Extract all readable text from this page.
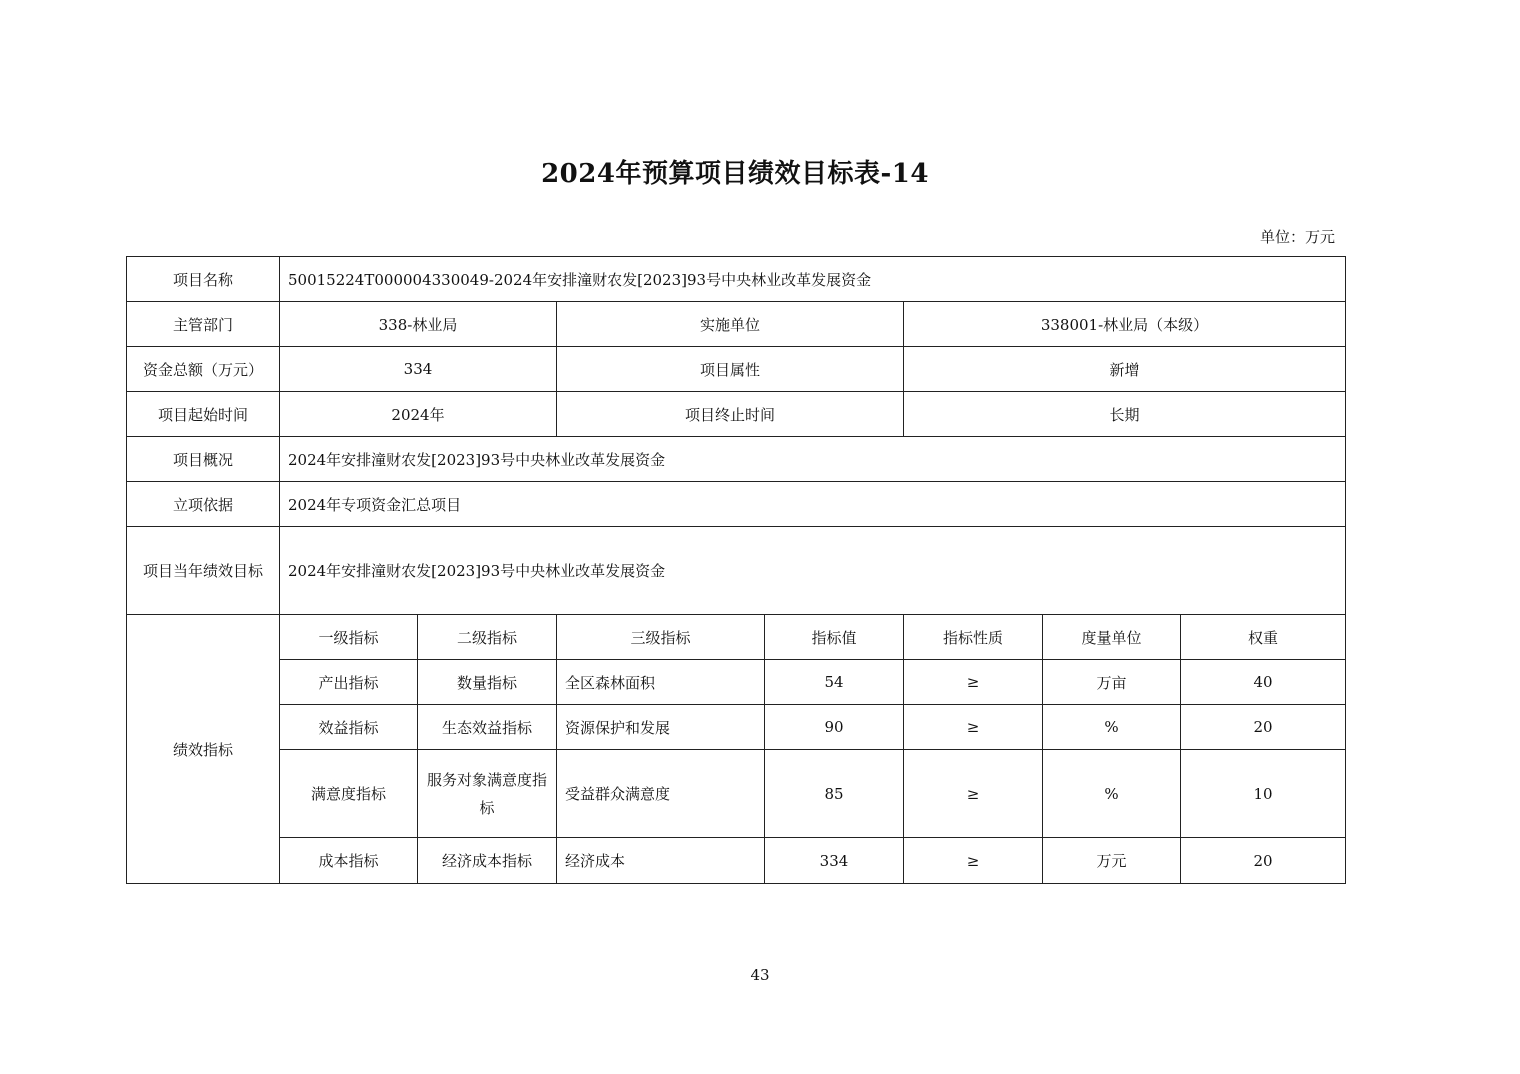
2024年预算项目绩效目标表-14
单位：万元
项目名称	50015224T000004330049-2024年安排潼财农发[2023]93号中央林业改革发展资金						
主管部门	338-林业局		实施单位		338001-林业局（本级）		
资金总额（万元）	334		项目属性		新增		
项目起始时间	2024年		项目终止时间		长期		
项目概况	2024年安排潼财农发[2023]93号中央林业改革发展资金						
立项依据	2024年专项资金汇总项目						
项目当年绩效目标	2024年安排潼财农发[2023]93号中央林业改革发展资金						
绩效指标	一级指标	二级指标	三级指标	指标值	指标性质	度量单位	权重
	产出指标	数量指标	全区森林面积	54	≥	万亩	40
	效益指标	生态效益指标	资源保护和发展	90	≥	%	20
	满意度指标	服务对象满意度指标	受益群众满意度	85	≥	%	10
	成本指标	经济成本指标	经济成本	334	≥	万元	20
43
